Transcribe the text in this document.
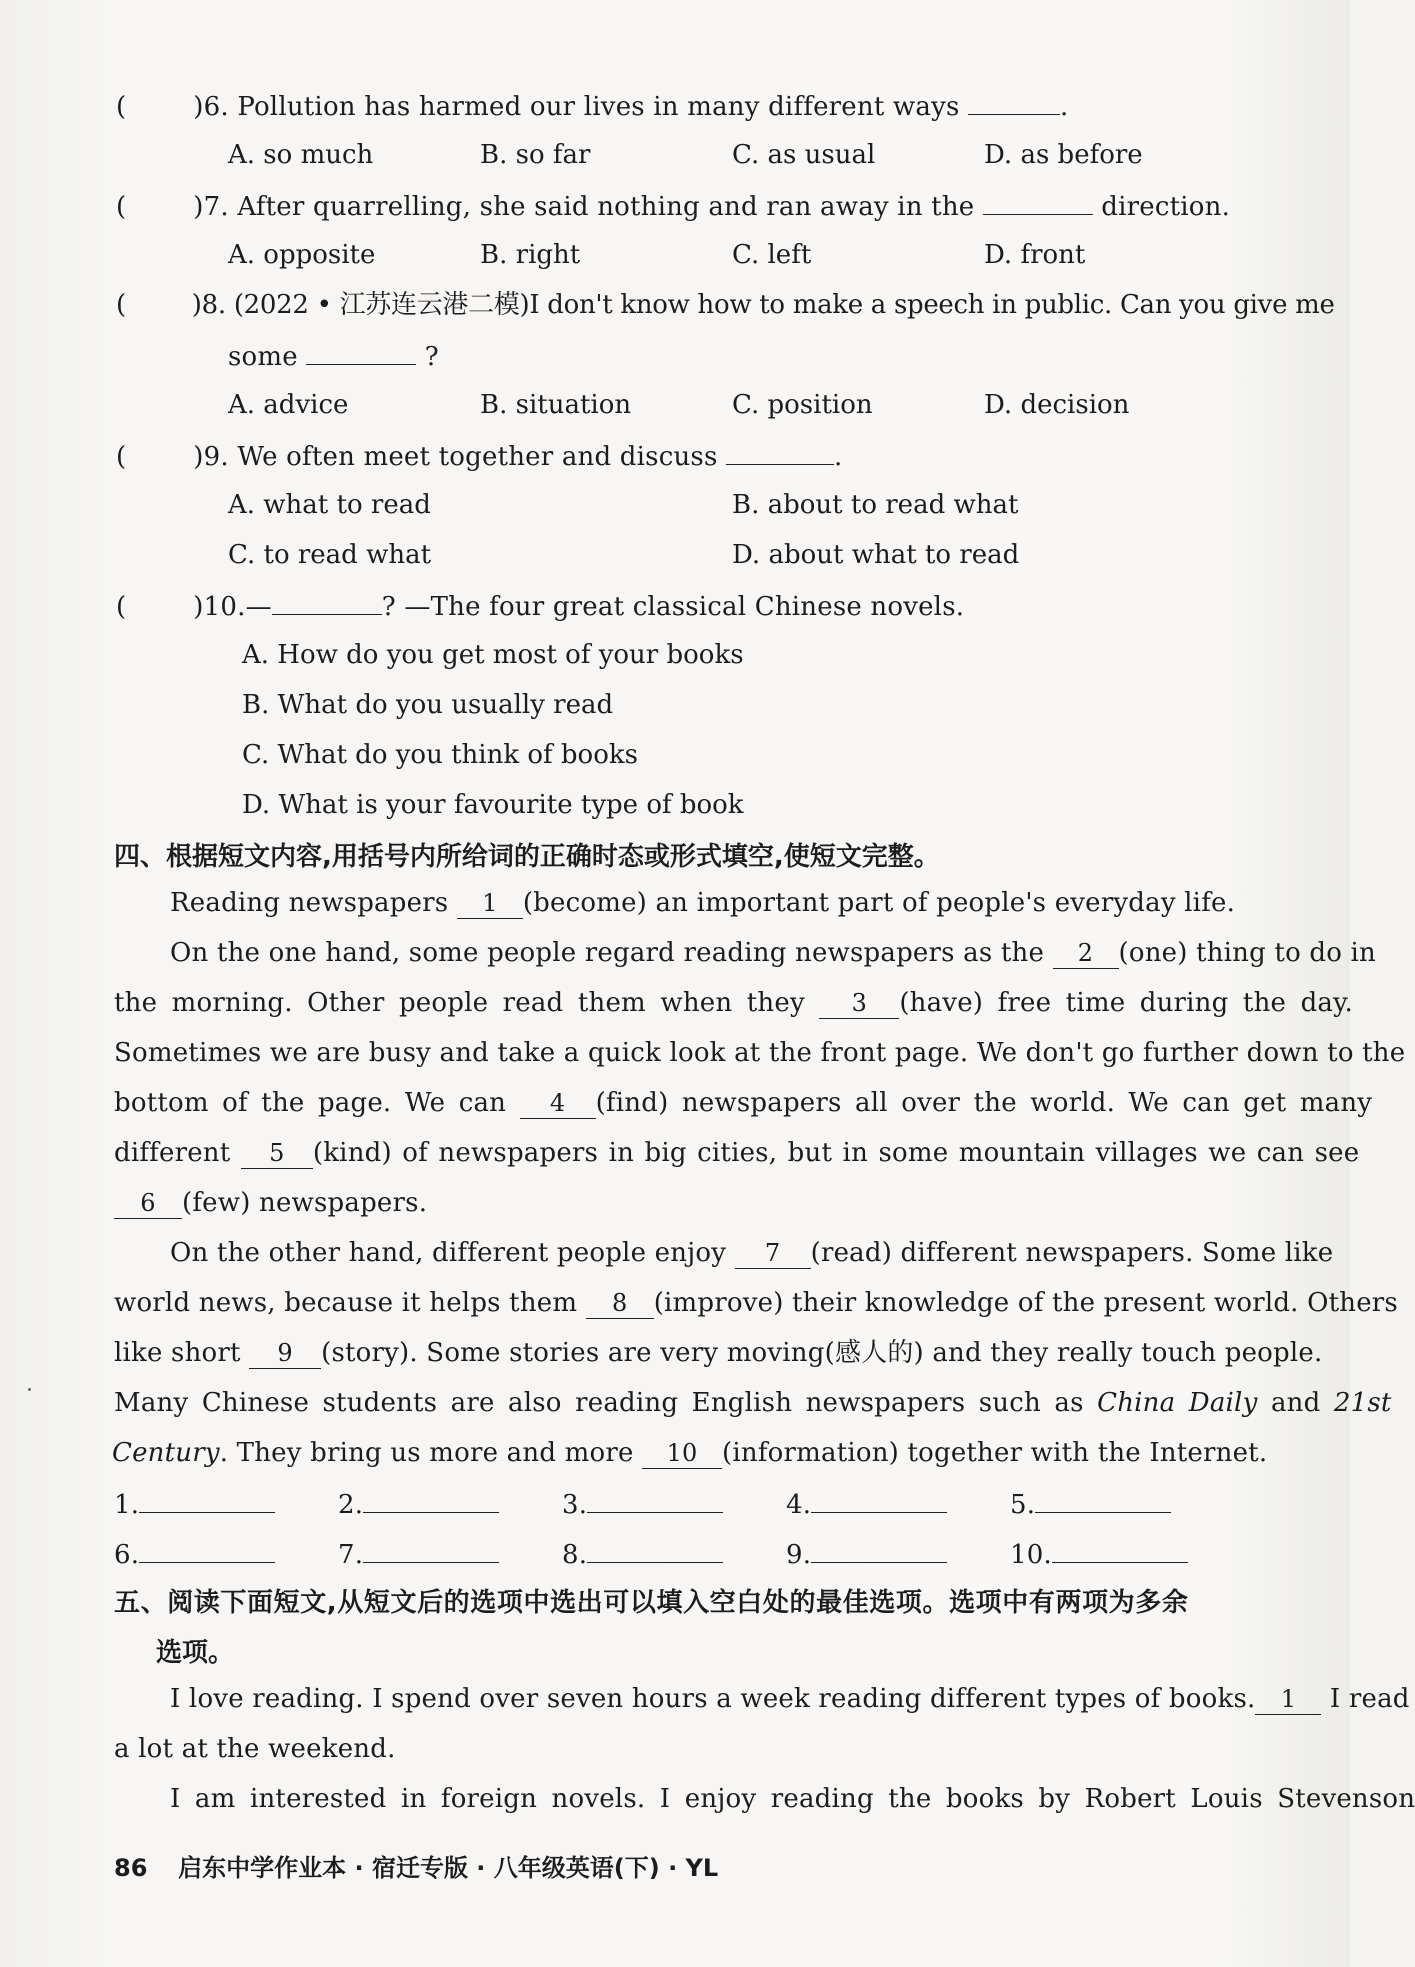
(	)6. Pollution has harmed our lives in many different ways	.
A. so much	B. so far	C. as usual	D. as before
(	)7. After quarrelling, she said nothing and ran away in the	direction.
A. opposite	B. right	C. left	D. front
(	)8. (2022 • 江苏连云港二模)I don't know how to make a speech in public. Can you give me
some	?
A. advice	B. situation	C. position	D. decision
(	)9. We often meet together and discuss	.
A. what to read	B. about to read what
C. to read what	D. about what to read
(	)10.—	? —The four great classical Chinese novels.
A. How do you get most of your books
B. What do you usually read
C. What do you think of books
D. What is your favourite type of book
四、根据短文内容,用括号内所给词的正确时态或形式填空,使短文完整。
Reading newspapers 1 (become) an important part of people's everyday life.
On the one hand, some people regard reading newspapers as the 2 (one) thing to do in
the morning. Other people read them when they 3 (have) free time during the day.
Sometimes we are busy and take a quick look at the front page. We don't go further down to the
bottom of the page. We can 4 (find) newspapers all over the world. We can get many
different 5 (kind) of newspapers in big cities, but in some mountain villages we can see
6 (few) newspapers.
On the other hand, different people enjoy 7 (read) different newspapers. Some like
world news, because it helps them 8 (improve) their knowledge of the present world. Others
like short 9 (story). Some stories are very moving(感人的) and they really touch people.
Many Chinese students are also reading English newspapers such as China Daily and 21st
Century. They bring us more and more 10 (information) together with the Internet.
1.	2.	3.	4.	5.
6.	7.	8.	9.	10.
五、阅读下面短文,从短文后的选项中选出可以填入空白处的最佳选项。选项中有两项为多余
选项。
I love reading. I spend over seven hours a week reading different types of books. 1 I read
a lot at the weekend.
I am interested in foreign novels. I enjoy reading the books by Robert Louis Stevenson
86 启东中学作业本 · 宿迁专版 · 八年级英语(下) · YL
